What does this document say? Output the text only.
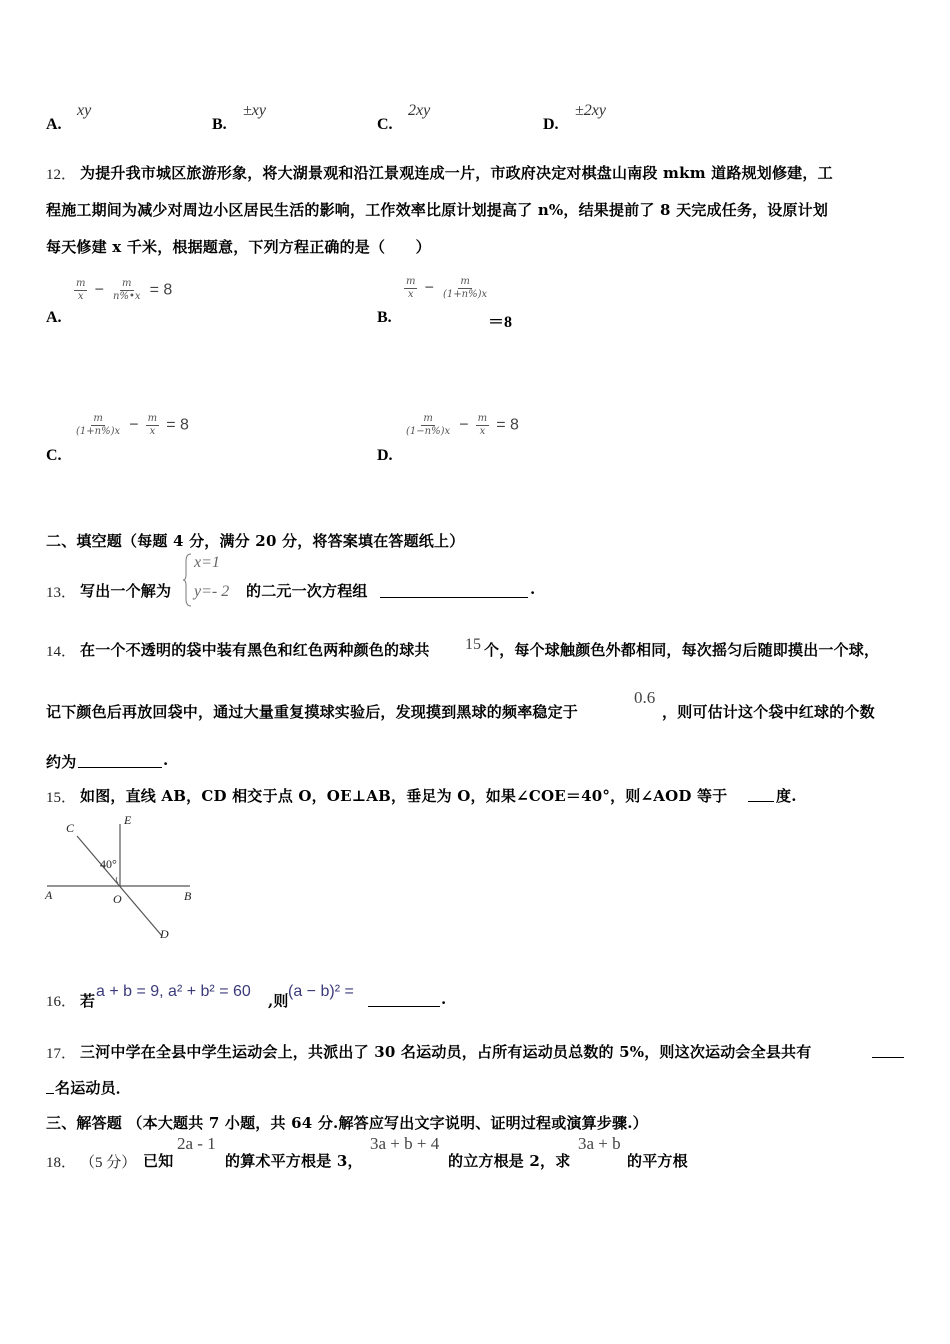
A.
xy
B.
±xy
C.
2xy
D.
±2xy
12． 为提升我市城区旅游形象，将大湖景观和沿江景观连成一片，市政府决定对棋盘山南段 mkm 道路规划修建，工
程施工期间为减少对周边小区居民生活的影响，工作效率比原计划提高了 n%，结果提前了 8 天完成任务，设原计划
每天修建 x 千米，根据题意，下列方程正确的是（　　）
A.
$\frac{m}{x} - \frac{m}{n\%•x} = 8$
B.
$\frac{m}{x} - \frac{m}{(1+n\%)x}$
＝8
C.
$\frac{m}{(1+n\%)x} - \frac{m}{x} = 8$
D.
$\frac{m}{(1-n\%)x} - \frac{m}{x} = 8$
二、填空题（每题 4 分，满分 20 分，将答案填在答题纸上）
13． 写出一个解为
x=1
y=‐ 2 的二元一次方程组	.
14． 在一个不透明的袋中装有黑色和红色两种颜色的球共 15 个，每个球触颜色外都相同，每次摇匀后随即摸出一个球，
记下颜色后再放回袋中，通过大量重复摸球实验后，发现摸到黑球的频率稳定于
0.6
，则可估计这个袋中红球的个数
约为	.
15． 如图，直线 AB，CD 相交于点 O，OE⊥AB，垂足为 O，如果∠COE＝40°，则∠AOD 等于	度.
C
E
40°
A	O	B
D
16． 若
a + b = 9, a² + b² = 60
,则
(a − b)² =	.
17． 三河中学在全县中学生运动会上，共派出了 30 名运动员，占所有运动员总数的 5%，则这次运动会全县共有
名运动员．
三、解答题 （本大题共 7 小题，共 64 分.解答应写出文字说明、证明过程或演算步骤.）
18． （5 分） 已知
2a - 1
的算术平方根是 3，
3a + b + 4
的立方根是 2，求
3a + b
的平方根
